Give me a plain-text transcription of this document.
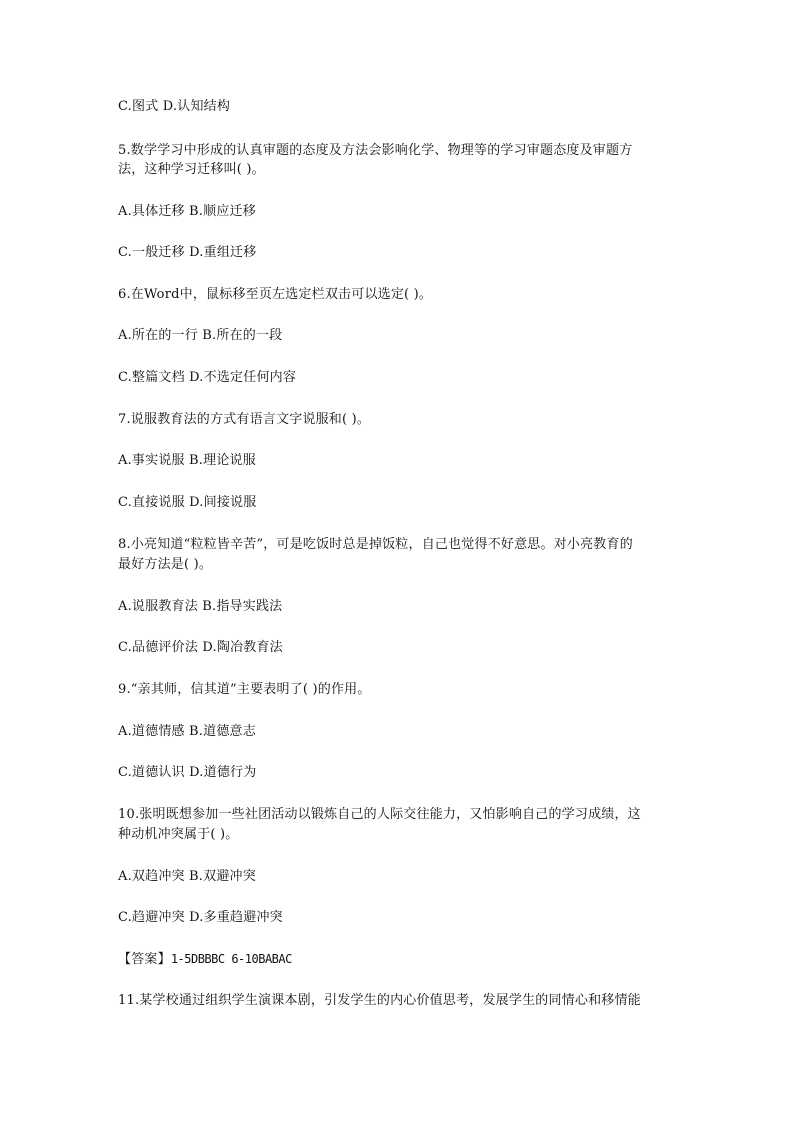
C.图式 D.认知结构
5.数学学习中形成的认真审题的态度及方法会影响化学、物理等的学习审题态度及审题方
法，这种学习迁移叫( )。
A.具体迁移 B.顺应迁移
C.一般迁移 D.重组迁移
6.在Word中，鼠标移至页左选定栏双击可以选定( )。
A.所在的一行 B.所在的一段
C.整篇文档 D.不选定任何内容
7.说服教育法的方式有语言文字说服和( )。
A.事实说服 B.理论说服
C.直接说服 D.间接说服
8.小亮知道“粒粒皆辛苦”，可是吃饭时总是掉饭粒，自己也觉得不好意思。对小亮教育的
最好方法是( )。
A.说服教育法 B.指导实践法
C.品德评价法 D.陶冶教育法
9.“亲其师，信其道”主要表明了( )的作用。
A.道德情感 B.道德意志
C.道德认识 D.道德行为
10.张明既想参加一些社团活动以锻炼自己的人际交往能力，又怕影响自己的学习成绩，这
种动机冲突属于( )。
A.双趋冲突 B.双避冲突
C.趋避冲突 D.多重趋避冲突
【答案】1-5DBBBC 6-10BABAC
11.某学校通过组织学生演课本剧，引发学生的内心价值思考，发展学生的同情心和移情能
